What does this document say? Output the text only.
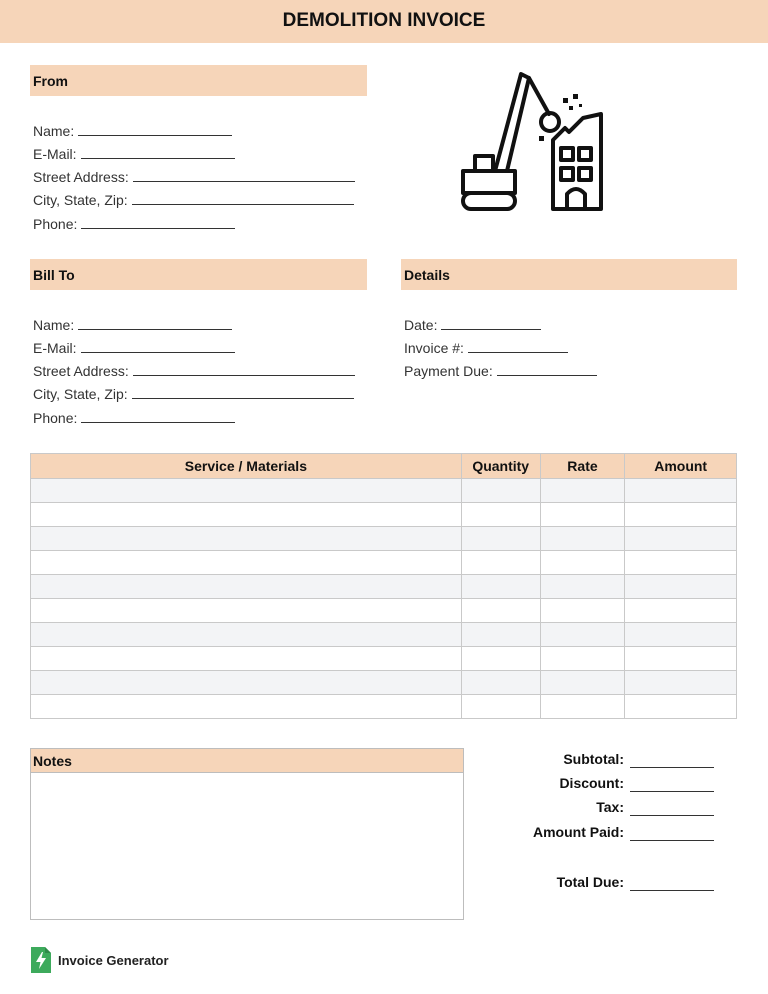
DEMOLITION INVOICE
From
Name:
E-Mail:
Street Address:
City, State, Zip:
Phone:
Bill To
Name:
E-Mail:
Street Address:
City, State, Zip:
Phone:
Details
Date:
Invoice #:
Payment Due:
Service / Materials	Quantity	Rate	Amount

Notes	Subtotal:
Discount:
Tax:
Amount Paid:
Total Due:
Invoice Generator
